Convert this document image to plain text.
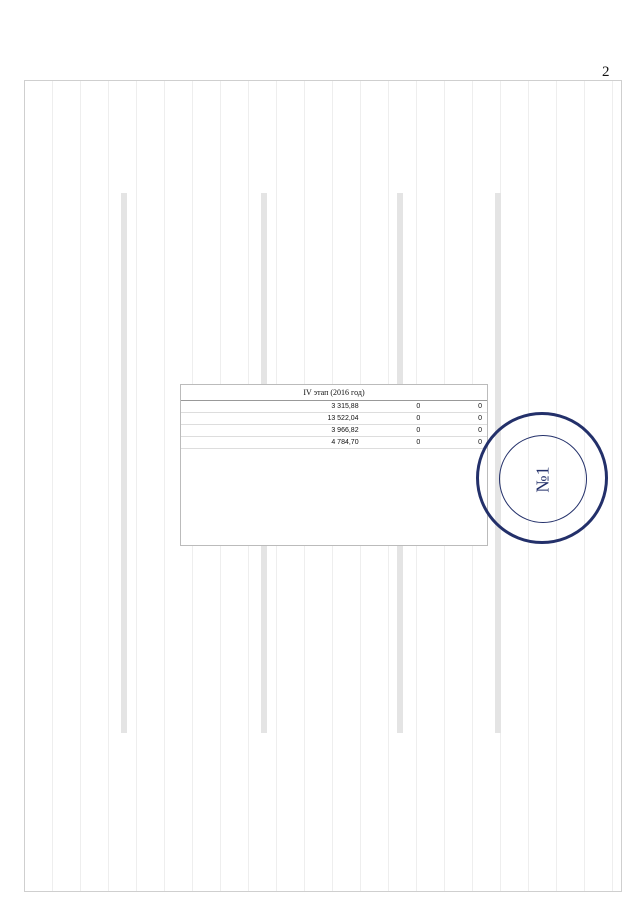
2
IV этап (2016 год)
3 315,88	0	0
13 522,04	0	0
3 966,82	0	0
4 784,70	0	0
№1
